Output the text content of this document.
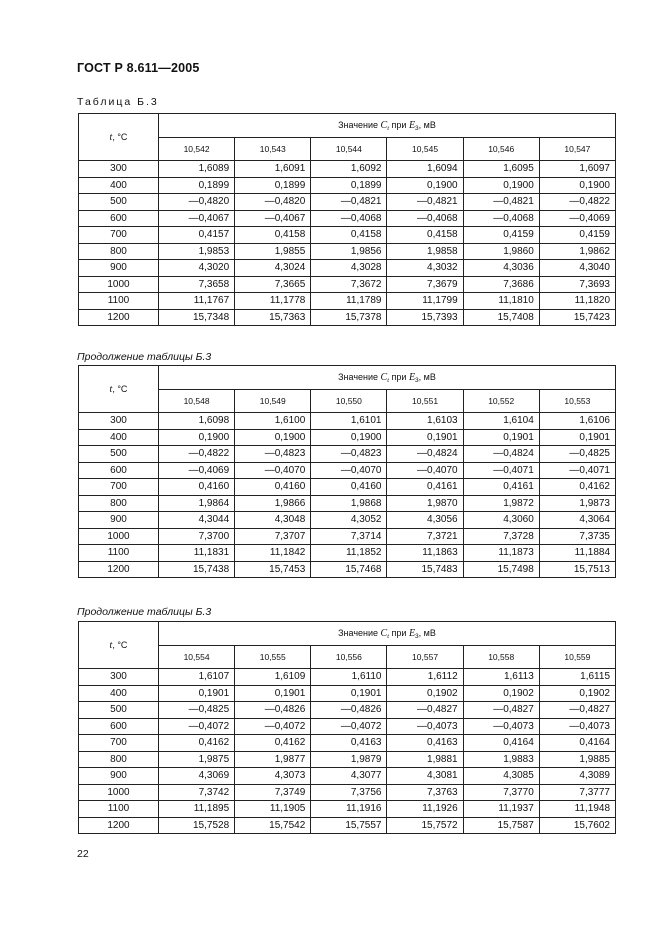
ГОСТ Р 8.611—2005
Таблица Б.3
t, °С	Значение $C_t$ при $E_3$, мВ					
	10,542	10,543	10,544	10,545	10,546	10,547
300	1,6089	1,6091	1,6092	1,6094	1,6095	1,6097
400	0,1899	0,1899	0,1899	0,1900	0,1900	0,1900
500	—0,4820	—0,4820	—0,4821	—0,4821	—0,4821	—0,4822
600	—0,4067	—0,4067	—0,4068	—0,4068	—0,4068	—0,4069
700	0,4157	0,4158	0,4158	0,4158	0,4159	0,4159
800	1,9853	1,9855	1,9856	1,9858	1,9860	1,9862
900	4,3020	4,3024	4,3028	4,3032	4,3036	4,3040
1000	7,3658	7,3665	7,3672	7,3679	7,3686	7,3693
1100	11,1767	11,1778	11,1789	11,1799	11,1810	11,1820
1200	15,7348	15,7363	15,7378	15,7393	15,7408	15,7423
Продолжение таблицы Б.3
t, °С	Значение $C_t$ при $E_3$, мВ					
	10,548	10,549	10,550	10,551	10,552	10,553
300	1,6098	1,6100	1,6101	1,6103	1,6104	1,6106
400	0,1900	0,1900	0,1900	0,1901	0,1901	0,1901
500	—0,4822	—0,4823	—0,4823	—0,4824	—0,4824	—0,4825
600	—0,4069	—0,4070	—0,4070	—0,4070	—0,4071	—0,4071
700	0,4160	0,4160	0,4160	0,4161	0,4161	0,4162
800	1,9864	1,9866	1,9868	1,9870	1,9872	1,9873
900	4,3044	4,3048	4,3052	4,3056	4,3060	4,3064
1000	7,3700	7,3707	7,3714	7,3721	7,3728	7,3735
1100	11,1831	11,1842	11,1852	11,1863	11,1873	11,1884
1200	15,7438	15,7453	15,7468	15,7483	15,7498	15,7513
Продолжение таблицы Б.3
t, °С	Значение $C_t$ при $E_3$, мВ					
	10,554	10,555	10,556	10,557	10,558	10,559
300	1,6107	1,6109	1,6110	1,6112	1,6113	1,6115
400	0,1901	0,1901	0,1901	0,1902	0,1902	0,1902
500	—0,4825	—0,4826	—0,4826	—0,4827	—0,4827	—0,4827
600	—0,4072	—0,4072	—0,4072	—0,4073	—0,4073	—0,4073
700	0,4162	0,4162	0,4163	0,4163	0,4164	0,4164
800	1,9875	1,9877	1,9879	1,9881	1,9883	1,9885
900	4,3069	4,3073	4,3077	4,3081	4,3085	4,3089
1000	7,3742	7,3749	7,3756	7,3763	7,3770	7,3777
1100	11,1895	11,1905	11,1916	11,1926	11,1937	11,1948
1200	15,7528	15,7542	15,7557	15,7572	15,7587	15,7602
22
